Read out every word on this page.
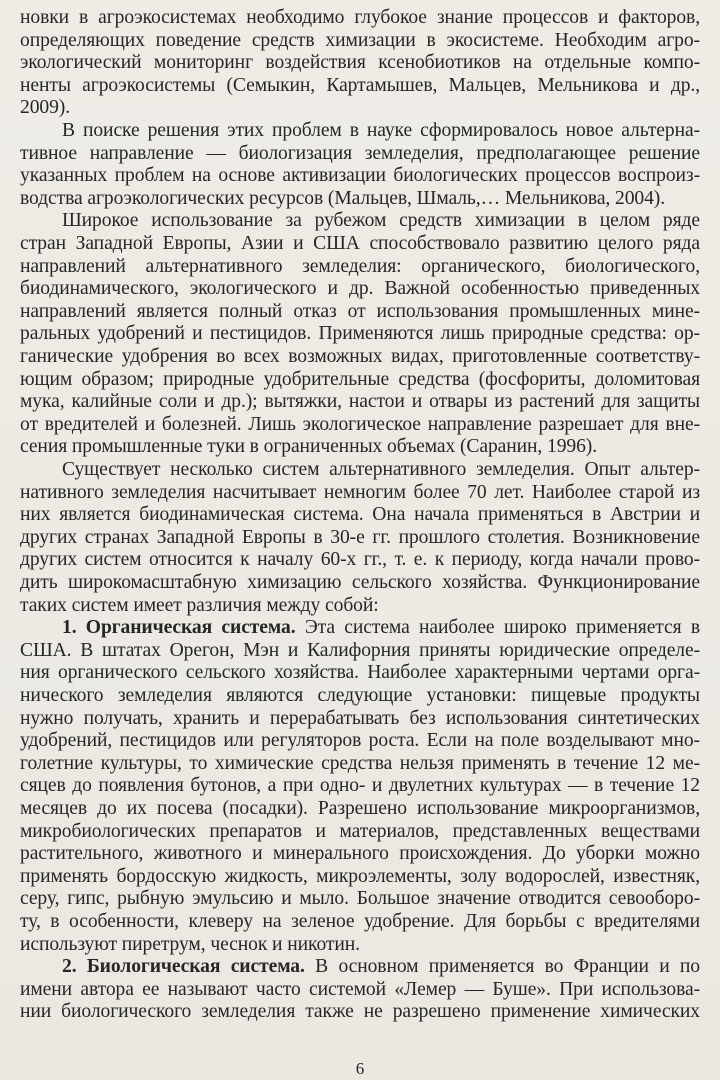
новки в агроэкосистемах необходимо глубокое знание процессов и факторов,
определяющих поведение средств химизации в экосистеме. Необходим агро-
экологический мониторинг воздействия ксенобиотиков на отдельные компо-
ненты агроэкосистемы (Семыкин, Картамышев, Мальцев, Мельникова и др.,
2009).
В поиске решения этих проблем в науке сформировалось новое альтерна-
тивное направление — биологизация земледелия, предполагающее решение
указанных проблем на основе активизации биологических процессов воспроиз-
водства агроэкологических ресурсов (Мальцев, Шмаль,… Мельникова, 2004).
Широкое использование за рубежом средств химизации в целом ряде
стран Западной Европы, Азии и США способствовало развитию целого ряда
направлений альтернативного земледелия: органического, биологического,
биодинамического, экологического и др. Важной особенностью приведенных
направлений является полный отказ от использования промышленных мине-
ральных удобрений и пестицидов. Применяются лишь природные средства: ор-
ганические удобрения во всех возможных видах, приготовленные соответству-
ющим образом; природные удобрительные средства (фосфориты, доломитовая
мука, калийные соли и др.); вытяжки, настои и отвары из растений для защиты
от вредителей и болезней. Лишь экологическое направление разрешает для вне-
сения промышленные туки в ограниченных объемах (Саранин, 1996).
Существует несколько систем альтернативного земледелия. Опыт альтер-
нативного земледелия насчитывает немногим более 70 лет. Наиболее старой из
них является биодинамическая система. Она начала применяться в Австрии и
других странах Западной Европы в 30-е гг. прошлого столетия. Возникновение
других систем относится к началу 60-х гг., т. е. к периоду, когда начали прово-
дить широкомасштабную химизацию сельского хозяйства. Функционирование
таких систем имеет различия между собой:
1. Органическая система. Эта система наиболее широко применяется в
США. В штатах Орегон, Мэн и Калифорния приняты юридические определе-
ния органического сельского хозяйства. Наиболее характерными чертами орга-
нического земледелия являются следующие установки: пищевые продукты
нужно получать, хранить и перерабатывать без использования синтетических
удобрений, пестицидов или регуляторов роста. Если на поле возделывают мно-
голетние культуры, то химические средства нельзя применять в течение 12 ме-
сяцев до появления бутонов, а при одно- и двулетних культурах — в течение 12
месяцев до их посева (посадки). Разрешено использование микроорганизмов,
микробиологических препаратов и материалов, представленных веществами
растительного, животного и минерального происхождения. До уборки можно
применять бордосскую жидкость, микроэлементы, золу водорослей, известняк,
серу, гипс, рыбную эмульсию и мыло. Большое значение отводится севооборо-
ту, в особенности, клеверу на зеленое удобрение. Для борьбы с вредителями
используют пиретрум, чеснок и никотин.
2. Биологическая система. В основном применяется во Франции и по
имени автора ее называют часто системой «Лемер — Буше». При использова-
нии биологического земледелия также не разрешено применение химических
6
